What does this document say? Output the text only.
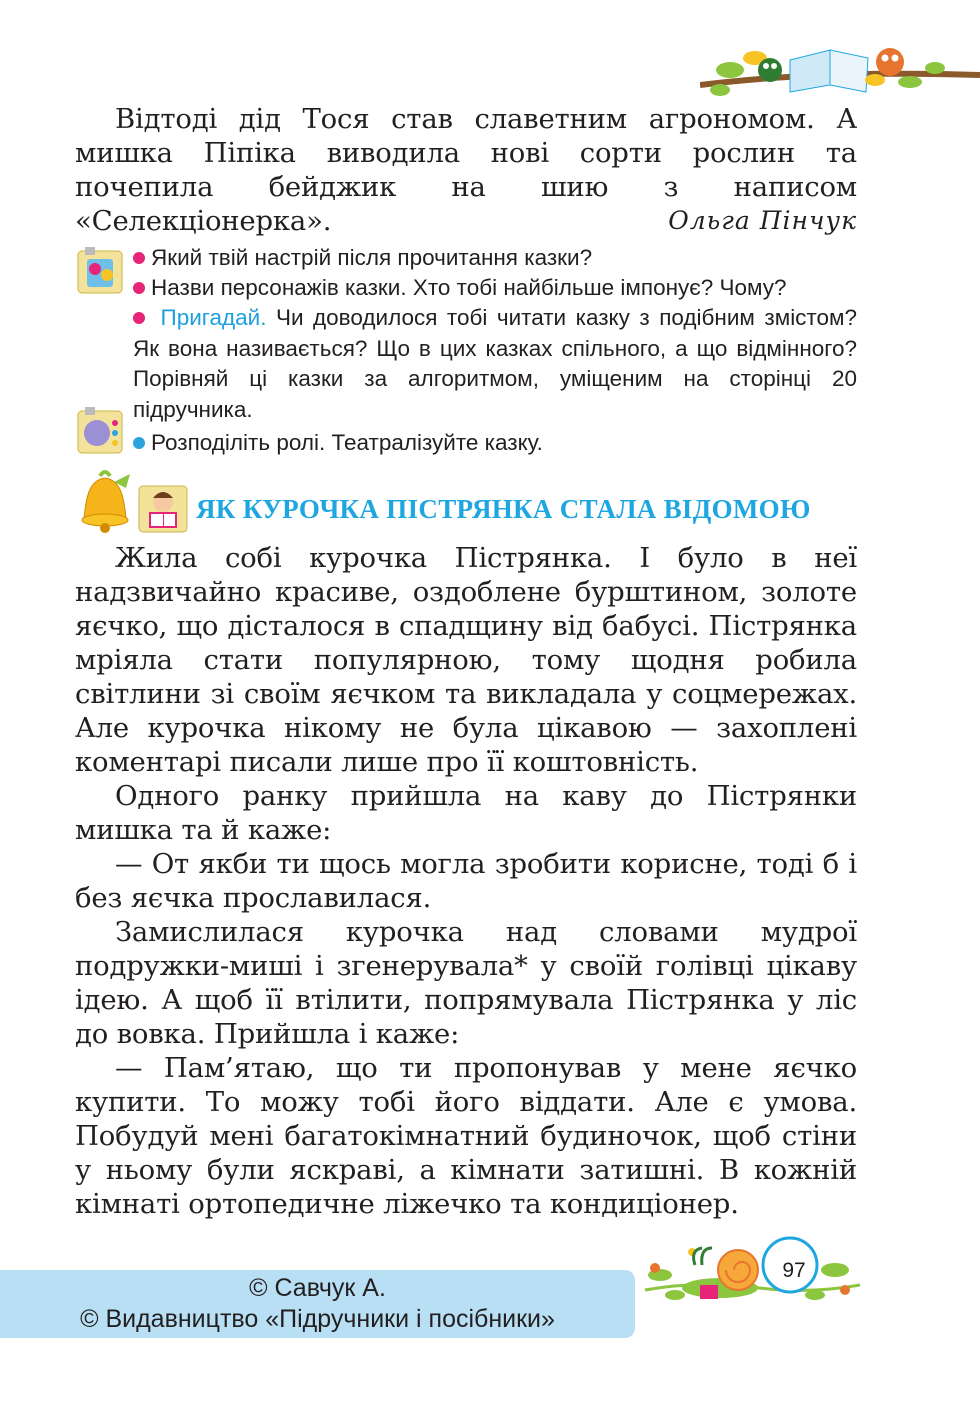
Відтоді дід Тося став славетним агрономом. А мишка Піпіка виводила нові сорти рослин та почепила бейджик на шию з написом «Селекціонерка».	Ольга Пінчук

Який твій настрій після прочитання казки?

Назви персонажів казки. Хто тобі найбільше імпонує? Чому?

Пригадай. Чи доводилося тобі читати казку з подібним змістом? Як вона називається? Що в цих казках спільного, а що відмінного? Порівняй ці казки за алгоритмом, уміщеним на сторінці 20 підручника.

Розподіліть ролі. Театралізуйте казку.

ЯК КУРОЧКА ПІСТРЯНКА СТАЛА ВІДОМОЮ

Жила собі курочка Пістрянка. І було в неї надзвичайно красиве, оздоблене бурштином, золоте яєчко, що дісталося в спадщину від бабусі. Пістрянка мріяла стати популярною, тому щодня робила світлини зі своїм яєчком та викладала у соцмережах. Але курочка нікому не була цікавою — захоплені коментарі писали лише про її коштовність.

Одного ранку прийшла на каву до Пістрянки мишка та й каже:

— От якби ти щось могла зробити корисне, тоді б і без яєчка прославилася.

Замислилася курочка над словами мудрої подружки-миші і згенерувала* у своїй голівці цікаву ідею. А щоб її втілити, попрямувала Пістрянка у ліс до вовка. Прийшла і каже:

— Пам’ятаю, що ти пропонував у мене яєчко купити. То можу тобі його віддати. Але є умова. Побудуй мені багатокімнатний будиночок, щоб стіни у ньому були яскраві, а кімнати затишні. В кожній кімнаті ортопедичне ліжечко та кондиціонер.

© Савчук А.
© Видавництво «Підручники і посібники»
97
